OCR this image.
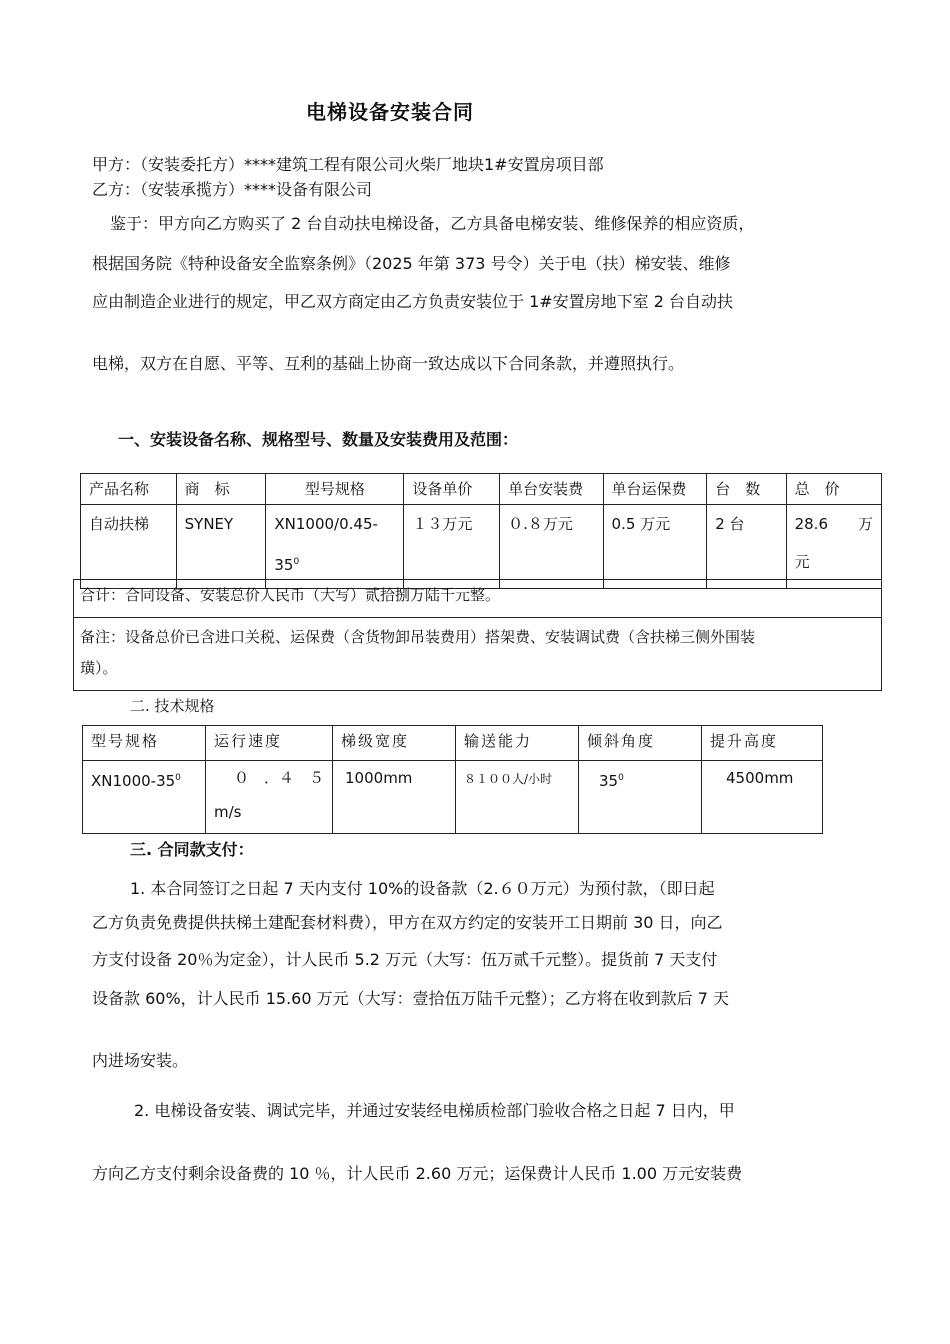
电梯设备安装合同
甲方：（安装委托方）****建筑工程有限公司火柴厂地块1#安置房项目部
乙方：（安装承揽方）****设备有限公司
鉴于：甲方向乙方购买了 2 台自动扶电梯设备，乙方具备电梯安装、维修保养的相应资质，
根据国务院《特种设备安全监察条例》（2025 年第 373 号令）关于电（扶）梯安装、维修
应由制造企业进行的规定，甲乙双方商定由乙方负责安装位于 1#安置房地下室 2 台自动扶
电梯，双方在自愿、平等、互利的基础上协商一致达成以下合同条款，并遵照执行。
一、安装设备名称、规格型号、数量及安装费用及范围：
产品名称	商　标	型号规格	设备单价	单台安装费	单台运保费	台　数	总　价
自动扶梯	SYNEY	XN1000/0.45-
$35^0$	１３万元	０.８万元	0.5 万元	2 台	28.6　　万
元
合计：合同设备、安装总价人民币（大写）贰拾捌万陆千元整。
备注：设备总价已含进口关税、运保费（含货物卸吊装费用）搭架费、安装调试费（含扶梯三侧外围装
璜）。
二. 技术规格
型号规格	运行速度	梯级宽度	输送能力	倾斜角度	提升高度
$XN1000-35^0$	０　．４　５
m/s	1000mm	８１００人/小时	$35^0$	4500mm
三. 合同款支付：
1. 本合同签订之日起 7 天内支付 10%的设备款（2.６０万元）为预付款，（即日起
乙方负责免费提供扶梯土建配套材料费），甲方在双方约定的安装开工日期前 30 日，向乙
方支付设备 20％为定金），计人民币 5.2 万元（大写：伍万贰千元整）。提货前 7 天支付
设备款 60%，计人民币 15.60 万元（大写：壹拾伍万陆千元整）；乙方将在收到款后 7 天
内进场安装。
2. 电梯设备安装、调试完毕，并通过安装经电梯质检部门验收合格之日起 7 日内，甲
方向乙方支付剩余设备费的 10 ％，计人民币 2.60 万元；运保费计人民币 1.00 万元安装费
